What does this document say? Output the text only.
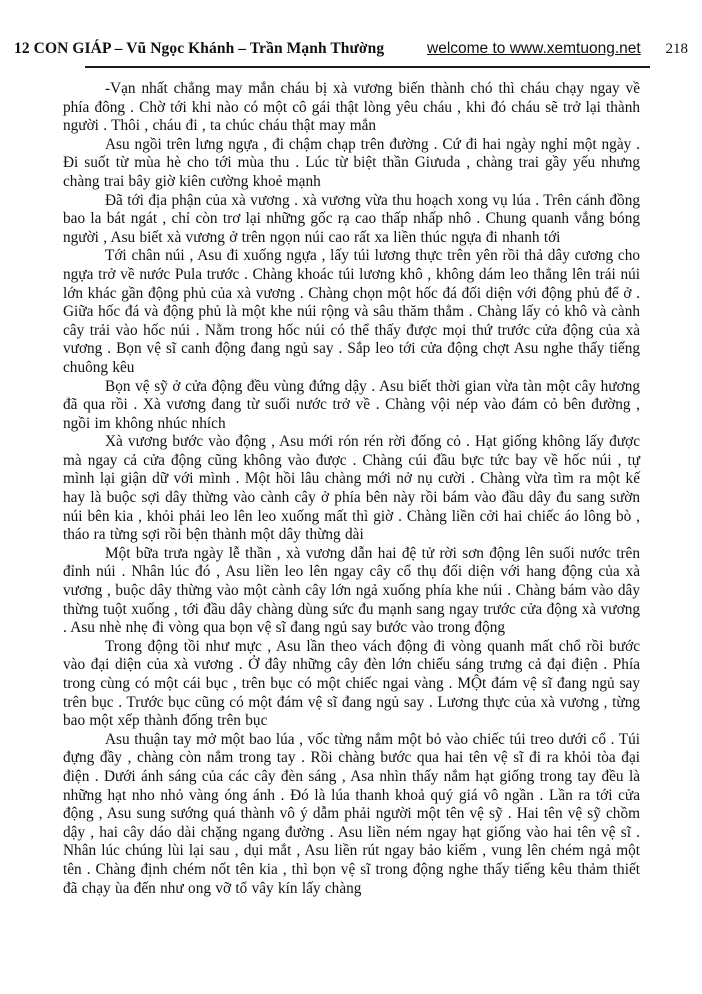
12 CON GIÁP – Vũ Ngọc Khánh – Trần Mạnh Thường	welcome to www.xemtuong.net	218

-Vạn nhất chẳng may mắn cháu bị xà vương biến thành chó thì cháu chạy ngay về phía đông . Chờ tới khi nào có một cô gái thật lòng yêu cháu , khi đó cháu sẽ trở lại thành người . Thôi , cháu đi , ta chúc cháu thật may mắn

Asu ngồi trên lưng ngựa , đi chậm chạp trên đường . Cứ đi hai ngày nghỉ một ngày . Đi suốt từ mùa hè cho tới mùa thu . Lúc từ biệt thần Giưuda , chàng trai gầy yếu nhưng chàng trai bây giờ kiên cường khoẻ mạnh

Đã tới địa phận của xà vương . xà vương vừa thu hoạch xong vụ lúa . Trên cánh đồng bao la bát ngát , chỉ còn trơ lại những gốc rạ cao thấp nhấp nhô . Chung quanh vắng bóng người , Asu biết xà vương ở trên ngọn núi cao rất xa liền thúc ngựa đi nhanh tới

Tới chân núi , Asu đi xuống ngựa , lấy túi lương thực trên yên rồi thả dây cương cho ngựa trở về nước Pula trước . Chàng khoác túi lương khô , không dám leo thẳng lên trái núi lớn khác gần động phủ của xà vương . Chàng chọn một hốc đá đối diện với động phủ để ở . Giữa hốc đá và động phủ là một khe núi rộng và sâu thăm thẳm . Chàng lấy cỏ khô và cành cây trải vào hốc núi . Nằm trong hốc núi có thể thấy được mọi thứ trước cửa động của xà vương . Bọn vệ sĩ canh động đang ngủ say . Sắp leo tới cửa động chợt Asu nghe thấy tiếng chuông kêu

Bọn vệ sỹ ở cửa động đều vùng đứng dậy . Asu biết thời gian vừa tàn một cây hương đã qua rồi . Xà vương đang từ suối nước trở về . Chàng vội nép vào đám cỏ bên đường , ngồi im không nhúc nhích

Xà vương bước vào động , Asu mới rón rén rời đống cỏ . Hạt giống không lấy được mà ngay cả cửa động cũng không vào được . Chàng cúi đầu bực tức bay về hốc núi , tự mình lại giận dữ với mình . Một hồi lâu chàng mới nở nụ cười . Chàng vừa tìm ra một kế hay là buộc sợi dây thừng vào cành cây ở phía bên này rồi bám vào đầu dây đu sang sườn núi bên kia , khỏi phải leo lên leo xuống mất thì giờ . Chàng liền cởi hai chiếc áo lông bò , tháo ra từng sợi rồi bện thành một dây thừng dài

Một bữa trưa ngày lễ thần , xà vương dẫn hai đệ tử rời sơn động lên suối nước trên đỉnh núi . Nhân lúc đó , Asu liền leo lên ngay cây cổ thụ đối diện với hang động của xà vương , buộc dây thừng vào một cành cây lớn ngả xuống phía khe núi . Chàng bám vào dây thừng tuột xuống , tới đầu dây chàng dùng sức đu mạnh sang ngay trước cửa động xà vương . Asu nhè nhẹ đi vòng qua bọn vệ sĩ đang ngủ say bước vào trong động

Trong động tồi như mực , Asu lần theo vách động đi vòng quanh mất chổ rồi bước vào đại diện của xà vương . Ở đây những cây đèn lớn chiếu sáng trưng cả đại điện . Phía trong cùng có một cái bục , trên bục có một chiếc ngai vàng . MỘt đám vệ sĩ đang ngủ say trên bục . Trước bục cũng có một đám vệ sĩ đang ngủ say . Lương thực của xà vương , từng bao một xếp thành đống trên bục

Asu thuận tay mở một bao lúa , vốc từng nắm một bỏ vào chiếc túi treo dưới cổ . Túi đựng đầy , chàng còn nắm trong tay . Rồi chàng bước qua hai tên vệ sĩ đi ra khỏi tòa đại điện . Dưới ánh sáng của các cây đèn sáng , Asa nhìn thấy nắm hạt giống trong tay đều là những hạt nho nhỏ vàng óng ánh . Đó là lúa thanh khoả quý giá vô ngần . Lần ra tới cửa động , Asu sung sướng quá thành vô ý dẫm phải người một tên vệ sỹ . Hai tên vệ sỹ chồm dậy , hai cây dáo dài chặng ngang đường . Asu liền ném ngay hạt giống vào hai tên vệ sĩ . Nhân lúc chúng lùi lại sau , dụi mắt , Asu liền rút ngay bảo kiếm , vung lên chém ngả một tên . Chàng định chém nốt tên kia , thì bọn vệ sĩ trong động nghe thấy tiếng kêu thảm thiết đã chạy ùa đến như ong vỡ tổ vây kín lấy chàng
